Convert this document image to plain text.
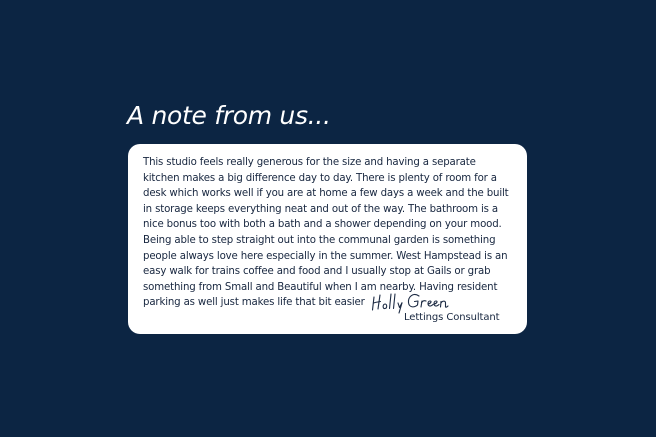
A note from us...

This studio feels really generous for the size and having a separate kitchen makes a big difference day to day. There is plenty of room for a desk which works well if you are at home a few days a week and the built in storage keeps everything neat and out of the way. The bathroom is a nice bonus too with both a bath and a shower depending on your mood.

Being able to step straight out into the communal garden is something people always love here especially in the summer. West Hampstead is an easy walk for trains coffee and food and I usually stop at Gails or grab something from Small and Beautiful when I am nearby. Having resident parking as well just makes life that bit easier

Lettings Consultant
